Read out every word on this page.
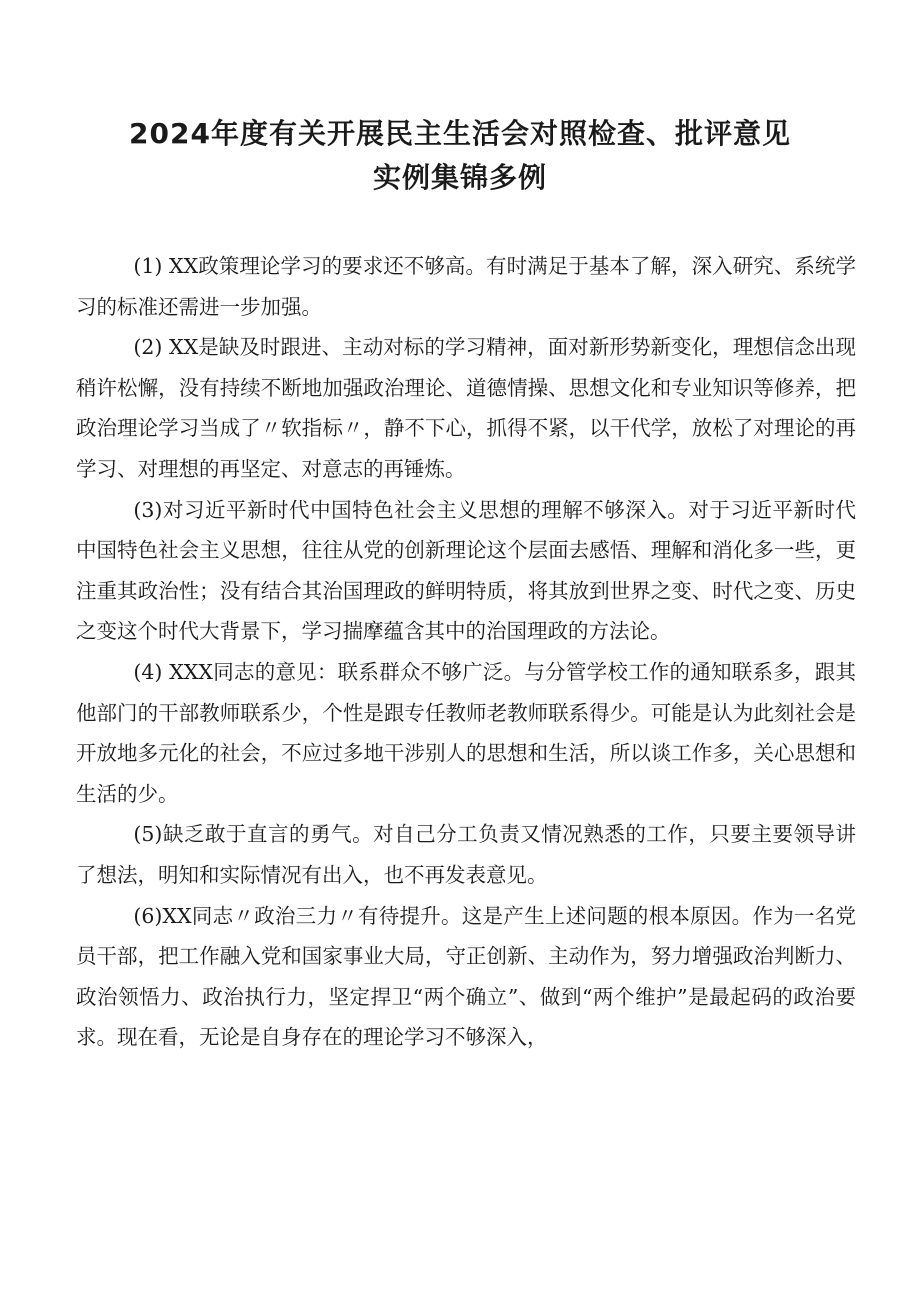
2024年度有关开展民主生活会对照检查、批评意见
实例集锦多例

(1) XX政策理论学习的要求还不够高。有时满足于基本了解，深入研究、系统学习的标准还需进一步加强。

(2) XX是缺及时跟进、主动对标的学习精神，面对新形势新变化，理想信念出现稍许松懈，没有持续不断地加强政治理论、道德情操、思想文化和专业知识等修养，把政治理论学习当成了〃软指标〃，静不下心，抓得不紧，以干代学，放松了对理论的再学习、对理想的再坚定、对意志的再锤炼。

(3)对习近平新时代中国特色社会主义思想的理解不够深入。对于习近平新时代中国特色社会主义思想，往往从党的创新理论这个层面去感悟、理解和消化多一些，更注重其政治性；没有结合其治国理政的鲜明特质，将其放到世界之变、时代之变、历史之变这个时代大背景下，学习揣摩蕴含其中的治国理政的方法论。

(4) XXX同志的意见：联系群众不够广泛。与分管学校工作的通知联系多，跟其他部门的干部教师联系少，个性是跟专任教师老教师联系得少。可能是认为此刻社会是开放地多元化的社会，不应过多地干涉别人的思想和生活，所以谈工作多，关心思想和生活的少。

(5)缺乏敢于直言的勇气。对自己分工负责又情况熟悉的工作，只要主要领导讲了想法，明知和实际情况有出入，也不再发表意见。

(6)XX同志〃政治三力〃有待提升。这是产生上述问题的根本原因。作为一名党员干部，把工作融入党和国家事业大局，守正创新、主动作为，努力增强政治判断力、政治领悟力、政治执行力，坚定捍卫“两个确立”、做到“两个维护”是最起码的政治要求。现在看，无论是自身存在的理论学习不够深入，
